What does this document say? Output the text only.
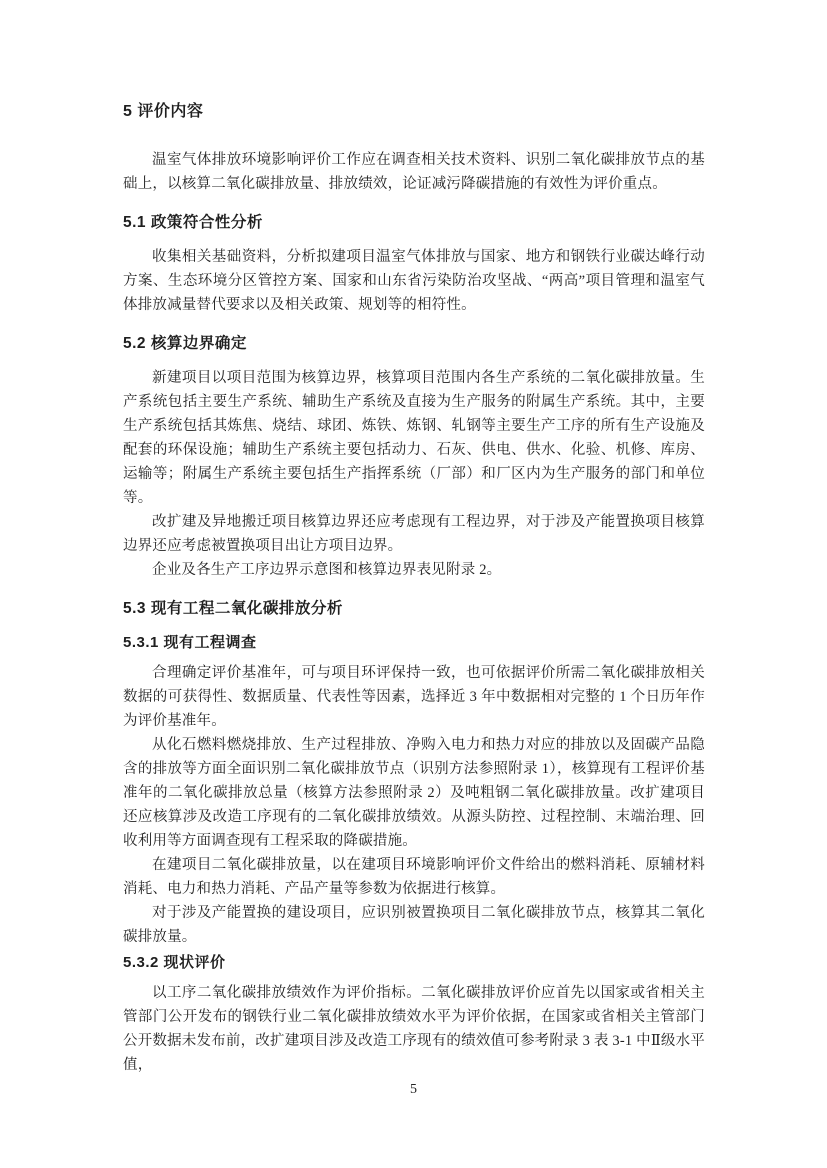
5 评价内容
温室气体排放环境影响评价工作应在调查相关技术资料、识别二氧化碳排放节点的基础上，以核算二氧化碳排放量、排放绩效，论证减污降碳措施的有效性为评价重点。
5.1 政策符合性分析
收集相关基础资料，分析拟建项目温室气体排放与国家、地方和钢铁行业碳达峰行动方案、生态环境分区管控方案、国家和山东省污染防治攻坚战、“两高”项目管理和温室气体排放减量替代要求以及相关政策、规划等的相符性。
5.2 核算边界确定
新建项目以项目范围为核算边界，核算项目范围内各生产系统的二氧化碳排放量。生产系统包括主要生产系统、辅助生产系统及直接为生产服务的附属生产系统。其中，主要生产系统包括其炼焦、烧结、球团、炼铁、炼钢、轧钢等主要生产工序的所有生产设施及配套的环保设施；辅助生产系统主要包括动力、石灰、供电、供水、化验、机修、库房、运输等；附属生产系统主要包括生产指挥系统（厂部）和厂区内为生产服务的部门和单位等。
改扩建及异地搬迁项目核算边界还应考虑现有工程边界，对于涉及产能置换项目核算边界还应考虑被置换项目出让方项目边界。
企业及各生产工序边界示意图和核算边界表见附录 2。
5.3 现有工程二氧化碳排放分析
5.3.1 现有工程调查
合理确定评价基准年，可与项目环评保持一致，也可依据评价所需二氧化碳排放相关数据的可获得性、数据质量、代表性等因素，选择近 3 年中数据相对完整的 1 个日历年作为评价基准年。
从化石燃料燃烧排放、生产过程排放、净购入电力和热力对应的排放以及固碳产品隐含的排放等方面全面识别二氧化碳排放节点（识别方法参照附录 1），核算现有工程评价基准年的二氧化碳排放总量（核算方法参照附录 2）及吨粗钢二氧化碳排放量。改扩建项目还应核算涉及改造工序现有的二氧化碳排放绩效。从源头防控、过程控制、末端治理、回收利用等方面调查现有工程采取的降碳措施。
在建项目二氧化碳排放量，以在建项目环境影响评价文件给出的燃料消耗、原辅材料消耗、电力和热力消耗、产品产量等参数为依据进行核算。
对于涉及产能置换的建设项目，应识别被置换项目二氧化碳排放节点，核算其二氧化碳排放量。
5.3.2 现状评价
以工序二氧化碳排放绩效作为评价指标。二氧化碳排放评价应首先以国家或省相关主管部门公开发布的钢铁行业二氧化碳排放绩效水平为评价依据，在国家或省相关主管部门公开数据未发布前，改扩建项目涉及改造工序现有的绩效值可参考附录 3 表 3-1 中Ⅱ级水平值，
5
